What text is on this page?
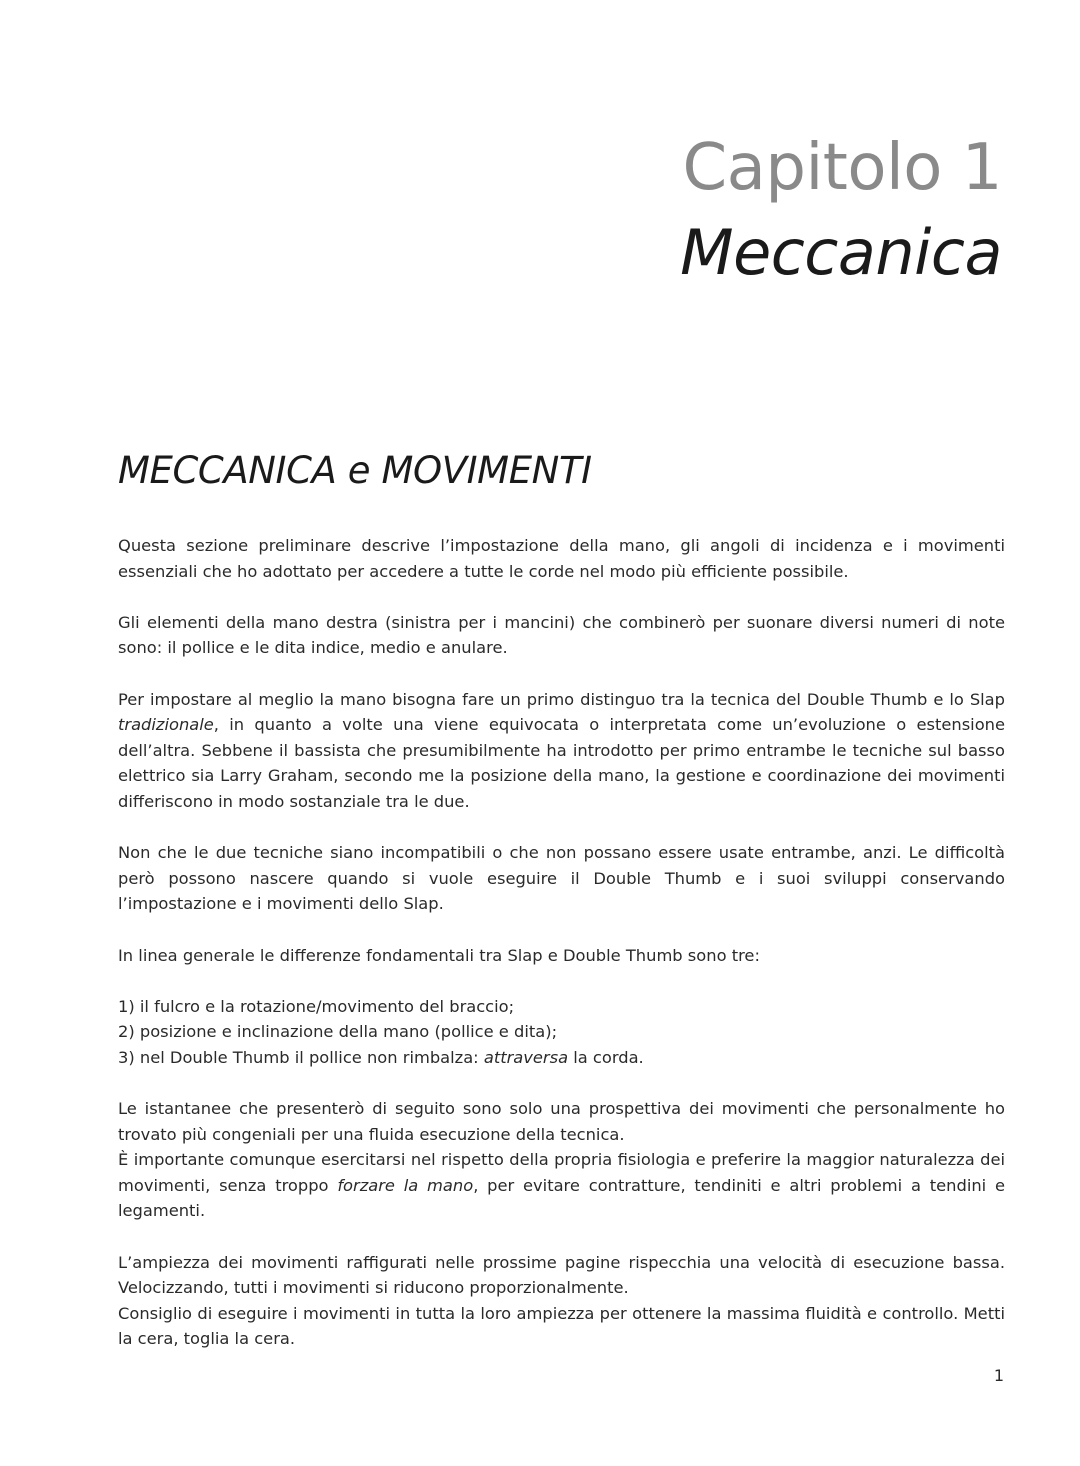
Capitolo 1
Meccanica
MECCANICA e MOVIMENTI

Questa sezione preliminare descrive l’impostazione della mano, gli angoli di incidenza e i movimenti essenziali che ho adottato per accedere a tutte le corde nel modo più efficiente possibile.

Gli elementi della mano destra (sinistra per i mancini) che combinerò per suonare diversi numeri di note sono: il pollice e le dita indice, medio e anulare.

Per impostare al meglio la mano bisogna fare un primo distinguo tra la tecnica del Double Thumb e lo Slap tradizionale, in quanto a volte una viene equivocata o interpretata come un’evoluzione o estensione dell’altra. Sebbene il bassista che presumibilmente ha introdotto per primo entrambe le tecniche sul basso elettrico sia Larry Graham, secondo me la posizione della mano, la gestione e coordinazione dei movimenti differiscono in modo sostanziale tra le due.

Non che le due tecniche siano incompatibili o che non possano essere usate entrambe, anzi. Le difficoltà però possono nascere quando si vuole eseguire il Double Thumb e i suoi sviluppi conservando l’impostazione e i movimenti dello Slap.

In linea generale le differenze fondamentali tra Slap e Double Thumb sono tre:

1) il fulcro e la rotazione/movimento del braccio;
2) posizione e inclinazione della mano (pollice e dita);
3) nel Double Thumb il pollice non rimbalza: attraversa la corda.
Le istantanee che presenterò di seguito sono solo una prospettiva dei movimenti che personalmente ho trovato più congeniali per una fluida esecuzione della tecnica.
È importante comunque esercitarsi nel rispetto della propria fisiologia e preferire la maggior naturalezza dei movimenti, senza troppo forzare la mano, per evitare contratture, tendiniti e altri problemi a tendini e legamenti.
L’ampiezza dei movimenti raffigurati nelle prossime pagine rispecchia una velocità di esecuzione bassa. Velocizzando, tutti i movimenti si riducono proporzionalmente.
Consiglio di eseguire i movimenti in tutta la loro ampiezza per ottenere la massima fluidità e controllo. Metti la cera, toglia la cera.
1
